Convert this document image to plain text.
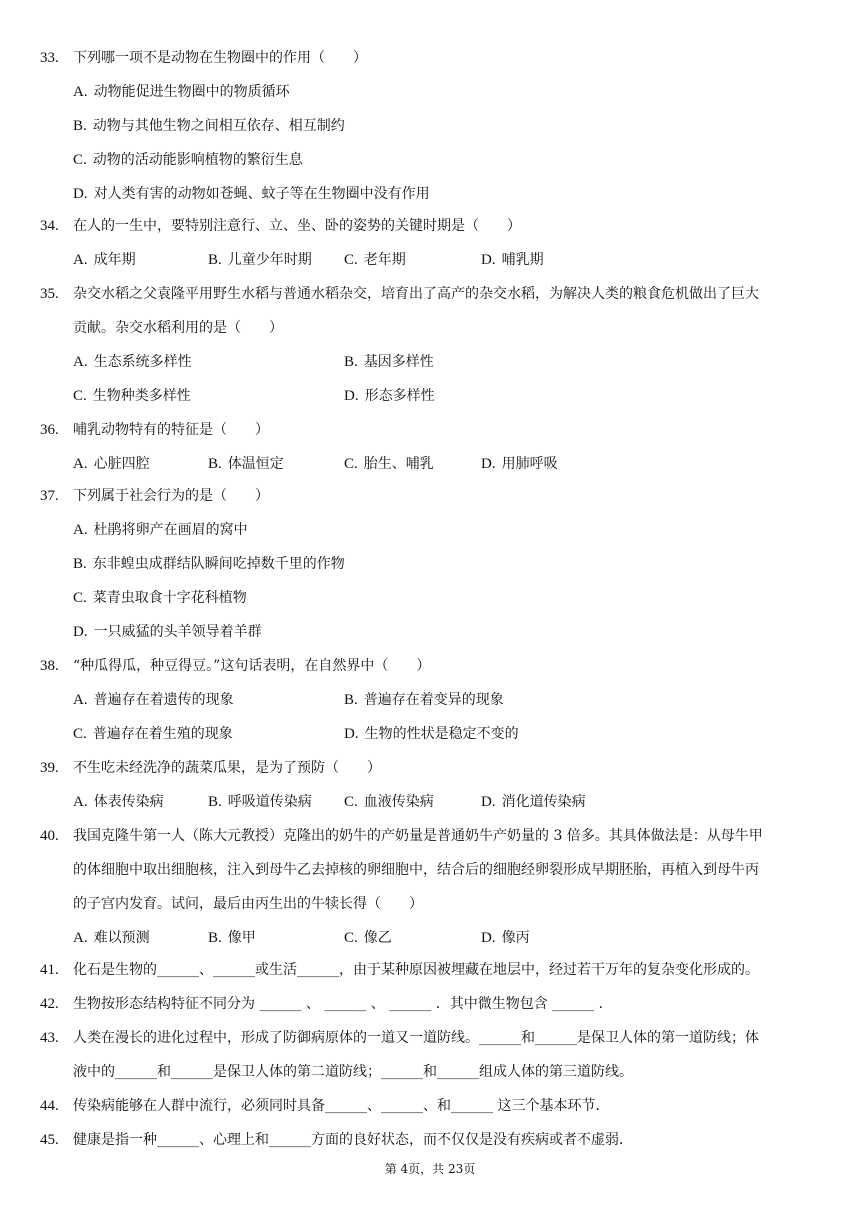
33.	下列哪一项不是动物在生物圈中的作用（　　）
A. 动物能促进生物圈中的物质循环
B. 动物与其他生物之间相互依存、相互制约
C. 动物的活动能影响植物的繁衍生息
D. 对人类有害的动物如苍蝇、蚊子等在生物圈中没有作用
34.	在人的一生中，要特别注意行、立、坐、卧的姿势的关键时期是（　　）
A. 成年期	B. 儿童少年时期 C. 老年期	D. 哺乳期
35.	杂交水稻之父袁隆平用野生水稻与普通水稻杂交，培育出了高产的杂交水稻，为解决人类的粮食危机做出了巨大
贡献。杂交水稻利用的是（　　）
A. 生态系统多样性	B. 基因多样性
C. 生物种类多样性	D. 形态多样性
36.	哺乳动物特有的特征是（　　）
A. 心脏四腔	B. 体温恒定	C. 胎生、哺乳	D. 用肺呼吸
37.	下列属于社会行为的是（　　）
A. 杜鹃将卵产在画眉的窝中
B. 东非蝗虫成群结队瞬间吃掉数千里的作物
C. 菜青虫取食十字花科植物
D. 一只威猛的头羊领导着羊群
38.	“种瓜得瓜，种豆得豆。”这句话表明，在自然界中（　　）
A. 普遍存在着遗传的现象	B. 普遍存在着变异的现象
C. 普遍存在着生殖的现象	D. 生物的性状是稳定不变的
39.	不生吃未经洗净的蔬菜瓜果，是为了预防（　　）
A. 体表传染病	B. 呼吸道传染病 C. 血液传染病	D. 消化道传染病
40.	我国克隆牛第一人（陈大元教授）克隆出的奶牛的产奶量是普通奶牛产奶量的 3 倍多。其具体做法是：从母牛甲
的体细胞中取出细胞核，注入到母牛乙去掉核的卵细胞中，结合后的细胞经卵裂形成早期胚胎，再植入到母牛丙
的子宫内发育。试问，最后由丙生出的牛犊长得（　　）
A. 难以预测	B. 像甲	C. 像乙	D. 像丙
41.	化石是生物的______、______或生活______，由于某种原因被埋藏在地层中，经过若干万年的复杂变化形成的。
42.	生物按形态结构特征不同分为 ______ 、 ______ 、 ______ ．其中微生物包含 ______ ．
43.	人类在漫长的进化过程中，形成了防御病原体的一道又一道防线。______和______是保卫人体的第一道防线；体
液中的______和______是保卫人体的第二道防线；______和______组成人体的第三道防线。
44.	传染病能够在人群中流行，必须同时具备______、______、和______ 这三个基本环节．
45.	健康是指一种______、心理上和______方面的良好状态，而不仅仅是没有疾病或者不虚弱．
第 4页，共 23页
